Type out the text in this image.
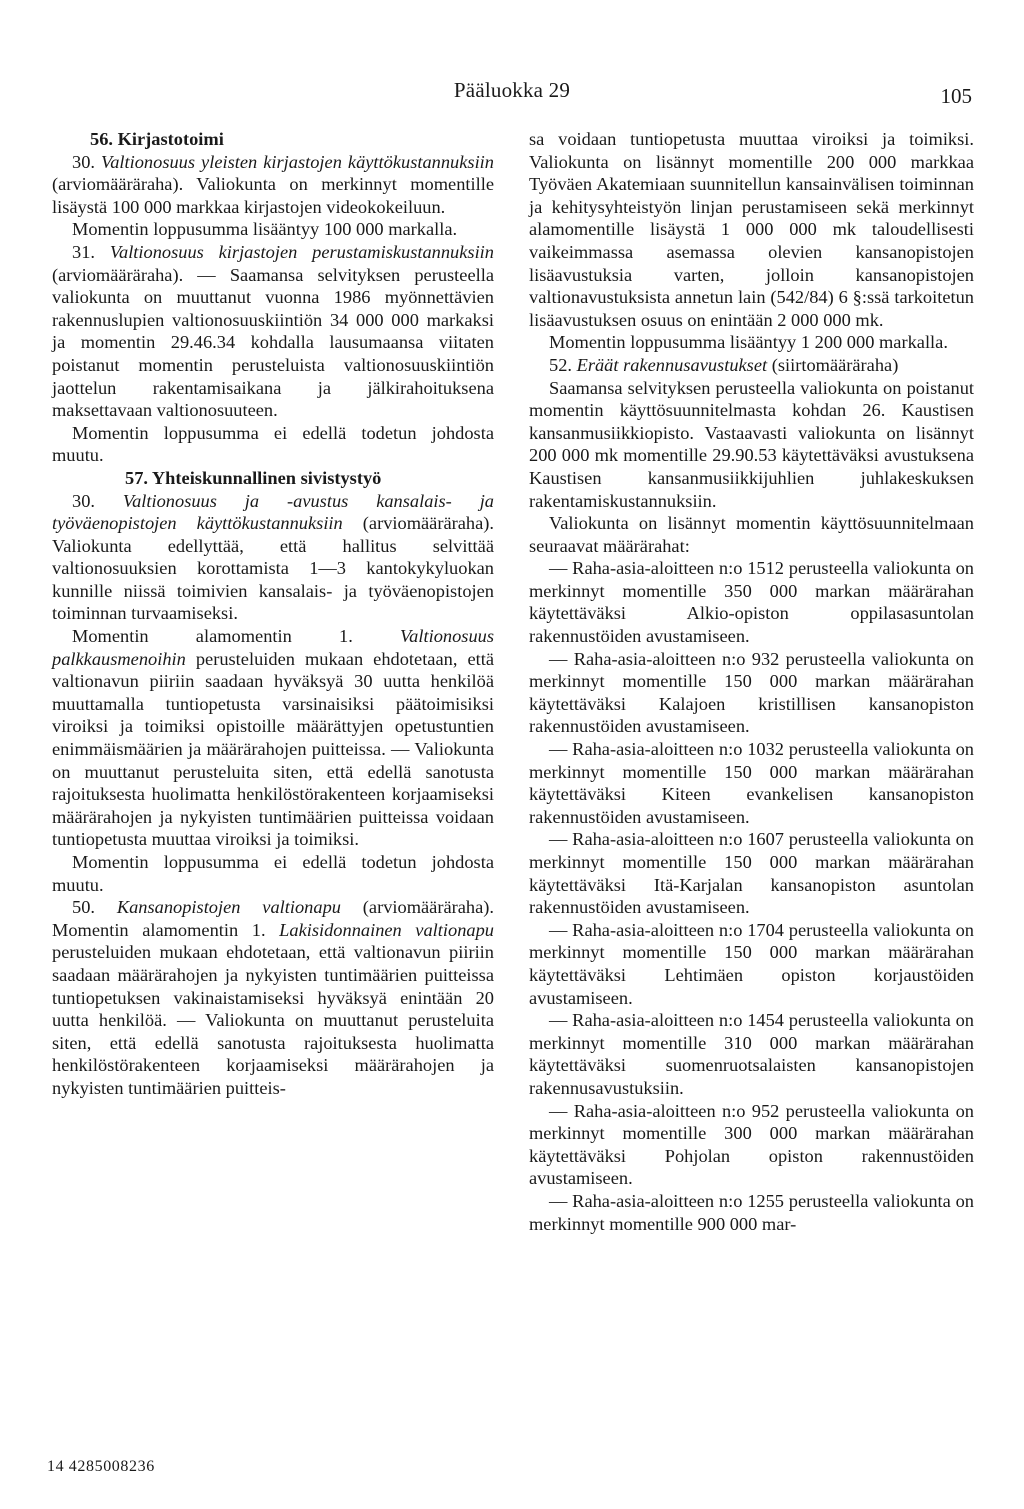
Pääluokka 29	105

56. Kirjastotoimi

30. Valtionosuus yleisten kirjastojen käyttökustannuksiin (arviomääräraha). Valiokunta on merkinnyt momentille lisäystä 100 000 markkaa kirjastojen videokokeiluun.

Momentin loppusumma lisääntyy 100 000 markalla.

31. Valtionosuus kirjastojen perustamiskustannuksiin (arviomääräraha). — Saamansa selvityksen perusteella valiokunta on muuttanut vuonna 1986 myönnettävien rakennuslupien valtionosuuskiintiön 34 000 000 markaksi ja momentin 29.46.34 kohdalla lausumaansa viitaten poistanut momentin perusteluista valtionosuuskiintiön jaottelun rakentamisaikana ja jälkirahoituksena maksettavaan valtionosuuteen.

Momentin loppusumma ei edellä todetun johdosta muutu.

57. Yhteiskunnallinen sivistystyö

30. Valtionosuus ja -avustus kansalais- ja työväenopistojen käyttökustannuksiin (arviomääräraha). Valiokunta edellyttää, että hallitus selvittää valtionosuuksien korottamista 1—3 kantokykyluokan kunnille niissä toimivien kansalais- ja työväenopistojen toiminnan turvaamiseksi.

Momentin alamomentin 1. Valtionosuus palkkausmenoihin perusteluiden mukaan ehdotetaan, että valtionavun piiriin saadaan hyväksyä 30 uutta henkilöä muuttamalla tuntiopetusta varsinaisiksi päätoimisiksi viroiksi ja toimiksi opistoille määrättyjen opetustuntien enimmäismäärien ja määrärahojen puitteissa. — Valiokunta on muuttanut perusteluita siten, että edellä sanotusta rajoituksesta huolimatta henkilöstörakenteen korjaamiseksi määrärahojen ja nykyisten tuntimäärien puitteissa voidaan tuntiopetusta muuttaa viroiksi ja toimiksi.

Momentin loppusumma ei edellä todetun johdosta muutu.

50. Kansanopistojen valtionapu (arviomääräraha). Momentin alamomentin 1. Lakisidonnainen valtionapu perusteluiden mukaan ehdotetaan, että valtionavun piiriin saadaan määrärahojen ja nykyisten tuntimäärien puitteissa tuntiopetuksen vakinaistamiseksi hyväksyä enintään 20 uutta henkilöä. — Valiokunta on muuttanut perusteluita siten, että edellä sanotusta rajoituksesta huolimatta henkilöstörakenteen korjaamiseksi määrärahojen ja nykyisten tuntimäärien puitteis-

sa voidaan tuntiopetusta muuttaa viroiksi ja toimiksi. Valiokunta on lisännyt momentille 200 000 markkaa Työväen Akatemiaan suunnitellun kansainvälisen toiminnan ja kehitysyhteistyön linjan perustamiseen sekä merkinnyt alamomentille lisäystä 1 000 000 mk taloudellisesti vaikeimmassa asemassa olevien kansanopistojen lisäavustuksia varten, jolloin kansanopistojen valtionavustuksista annetun lain (542/84) 6 §:ssä tarkoitetun lisäavustuksen osuus on enintään 2 000 000 mk.

Momentin loppusumma lisääntyy 1 200 000 markalla.

52. Eräät rakennusavustukset (siirtomääräraha)

Saamansa selvityksen perusteella valiokunta on poistanut momentin käyttösuunnitelmasta kohdan 26. Kaustisen kansanmusiikkiopisto. Vastaavasti valiokunta on lisännyt 200 000 mk momentille 29.90.53 käytettäväksi avustuksena Kaustisen kansanmusiikkijuhlien juhlakeskuksen rakentamiskustannuksiin.

Valiokunta on lisännyt momentin käyttösuunnitelmaan seuraavat määrärahat:

— Raha-asia-aloitteen n:o 1512 perusteella valiokunta on merkinnyt momentille 350 000 markan määrärahan käytettäväksi Alkio-opiston oppilasasuntolan rakennustöiden avustamiseen.

— Raha-asia-aloitteen n:o 932 perusteella valiokunta on merkinnyt momentille 150 000 markan määrärahan käytettäväksi Kalajoen kristillisen kansanopiston rakennustöiden avustamiseen.

— Raha-asia-aloitteen n:o 1032 perusteella valiokunta on merkinnyt momentille 150 000 markan määrärahan käytettäväksi Kiteen evankelisen kansanopiston rakennustöiden avustamiseen.

— Raha-asia-aloitteen n:o 1607 perusteella valiokunta on merkinnyt momentille 150 000 markan määrärahan käytettäväksi Itä-Karjalan kansanopiston asuntolan rakennustöiden avustamiseen.

— Raha-asia-aloitteen n:o 1704 perusteella valiokunta on merkinnyt momentille 150 000 markan määrärahan käytettäväksi Lehtimäen opiston korjaustöiden avustamiseen.

— Raha-asia-aloitteen n:o 1454 perusteella valiokunta on merkinnyt momentille 310 000 markan määrärahan käytettäväksi suomenruotsalaisten kansanopistojen rakennusavustuksiin.

— Raha-asia-aloitteen n:o 952 perusteella valiokunta on merkinnyt momentille 300 000 markan määrärahan käytettäväksi Pohjolan opiston rakennustöiden avustamiseen.

— Raha-asia-aloitteen n:o 1255 perusteella valiokunta on merkinnyt momentille 900 000 mar-

14 4285008236
